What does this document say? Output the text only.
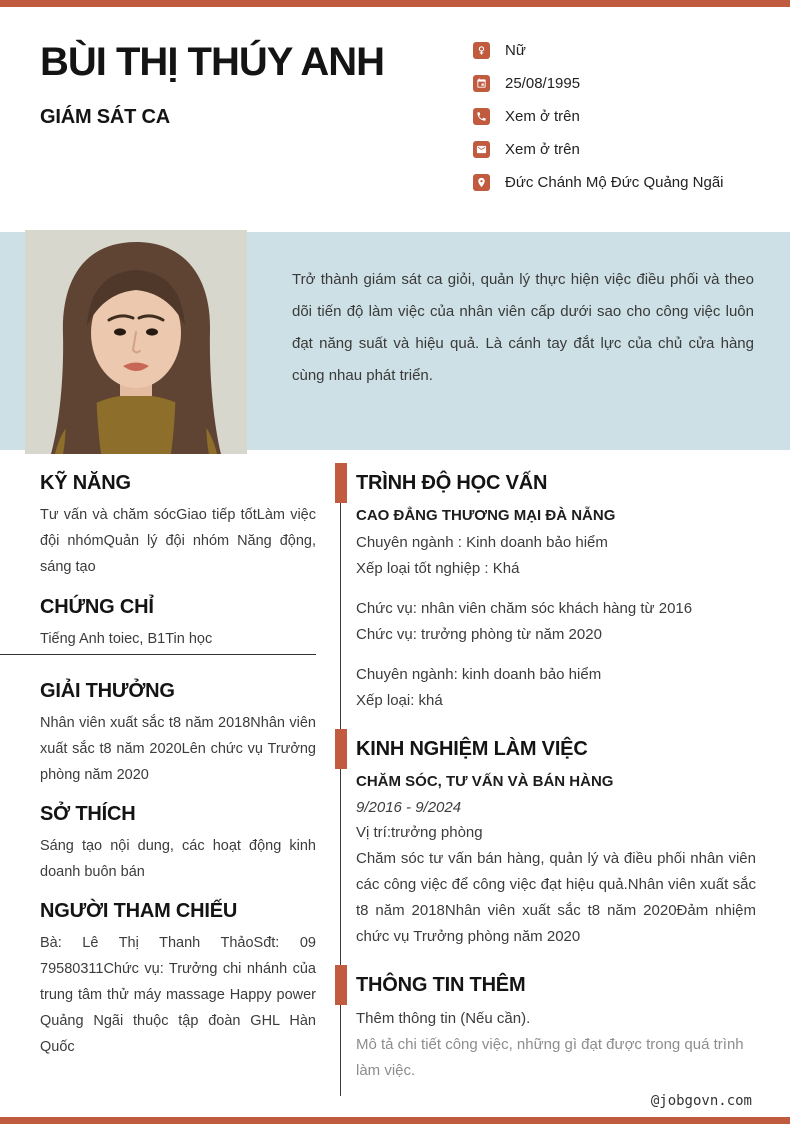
BÙI THỊ THÚY ANH
GIÁM SÁT CA
Nữ
25/08/1995
Xem ở trên
Xem ở trên
Đức Chánh Mộ Đức Quảng Ngãi
Trở thành giám sát ca giỏi, quản lý thực hiện việc điều phối và theo dõi tiến độ làm việc của nhân viên cấp dưới sao cho công việc luôn đạt năng suất và hiệu quả. Là cánh tay đắt lực của chủ cửa hàng cùng nhau phát triển.
KỸ NĂNG
Tư vấn và chăm sócGiao tiếp tốtLàm việc đội nhómQuản lý đội nhóm Năng động, sáng tạo
CHỨNG CHỈ
Tiếng Anh toiec, B1Tin học
GIẢI THƯỞNG
Nhân viên xuất sắc t8 năm 2018Nhân viên xuất sắc t8 năm 2020Lên chức vụ Trưởng phòng năm 2020
SỞ THÍCH
Sáng tạo nội dung, các hoạt động kinh doanh buôn bán
NGƯỜI THAM CHIẾU
Bà: Lê Thị Thanh ThảoSđt: 09 79580311Chức vụ: Trưởng chi nhánh của trung tâm thử máy massage Happy power Quảng Ngãi thuộc tập đoàn GHL Hàn Quốc
TRÌNH ĐỘ HỌC VẤN
CAO ĐẲNG THƯƠNG MẠI ĐÀ NẴNG
Chuyên ngành : Kinh doanh bảo hiểm
Xếp loại tốt nghiệp : Khá
Chức vụ: nhân viên chăm sóc khách hàng từ 2016
Chức vụ: trưởng phòng từ năm 2020
Chuyên ngành: kinh doanh bảo hiểm
Xếp loại: khá
KINH NGHIỆM LÀM VIỆC
CHĂM SÓC, TƯ VẤN VÀ BÁN HÀNG
9/2016 - 9/2024
Vị trí:trưởng phòng
Chăm sóc tư vấn bán hàng, quản lý và điều phối nhân viên các công việc để công việc đạt hiệu quả.Nhân viên xuất sắc t8 năm 2018Nhân viên xuất sắc t8 năm 2020Đảm nhiệm chức vụ Trưởng phòng năm 2020
THÔNG TIN THÊM
Thêm thông tin (Nếu cần).
Mô tả chi tiết công việc, những gì đạt được trong quá trình làm việc.
@jobgovn.com
